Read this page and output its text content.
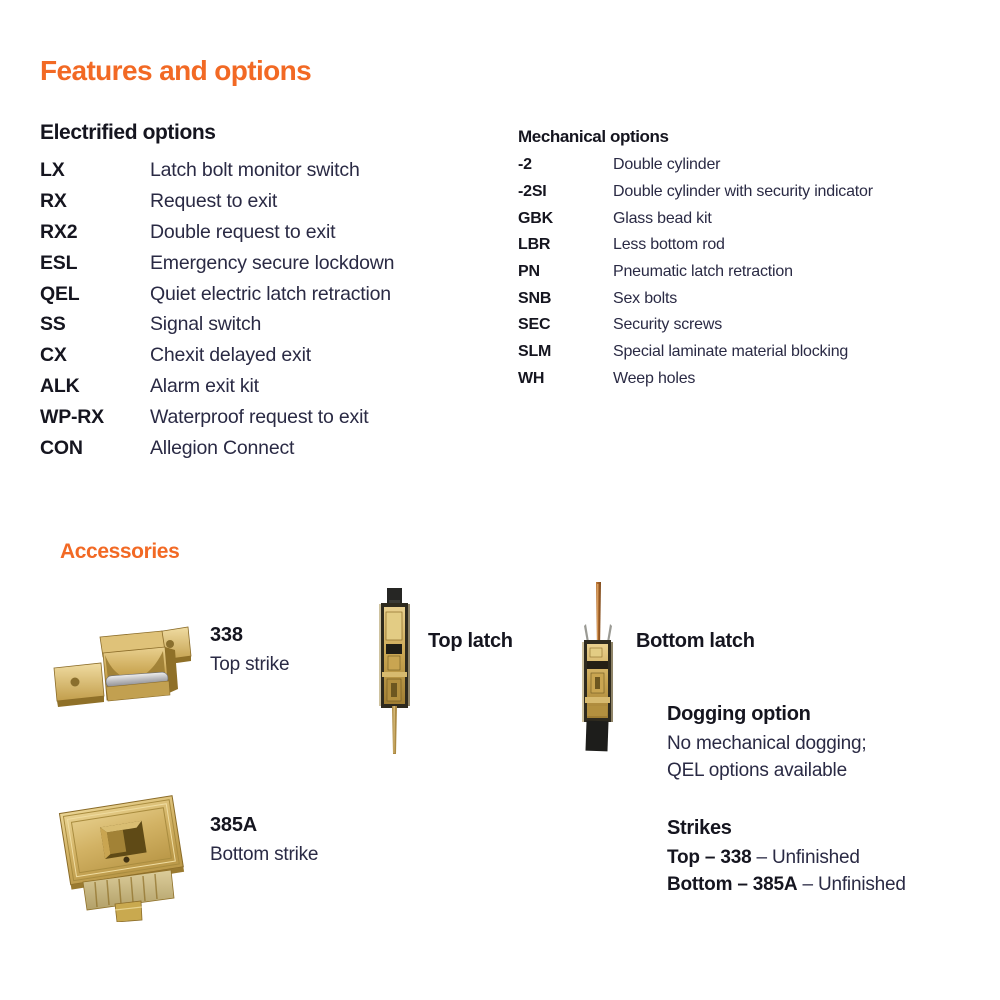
Features and options
Electrified options
LX	Latch bolt monitor switch
RX	Request to exit
RX2	Double request to exit
ESL	Emergency secure lockdown
QEL	Quiet electric latch retraction
SS	Signal switch
CX	Chexit delayed exit
ALK	Alarm exit kit
WP-RX	Waterproof request to exit
CON	Allegion Connect
Mechanical options
-2	Double cylinder
-2SI	Double cylinder with security indicator
GBK	Glass bead kit
LBR	Less bottom rod
PN	Pneumatic latch retraction
SNB	Sex bolts
SEC	Security screws
SLM	Special laminate material blocking
WH	Weep holes
Accessories
338
Top strike
Top latch	Bottom latch
Dogging option
No mechanical dogging;
QEL options available
385A
Bottom strike
Strikes
Top – 338 – Unfinished
Bottom – 385A – Unfinished
